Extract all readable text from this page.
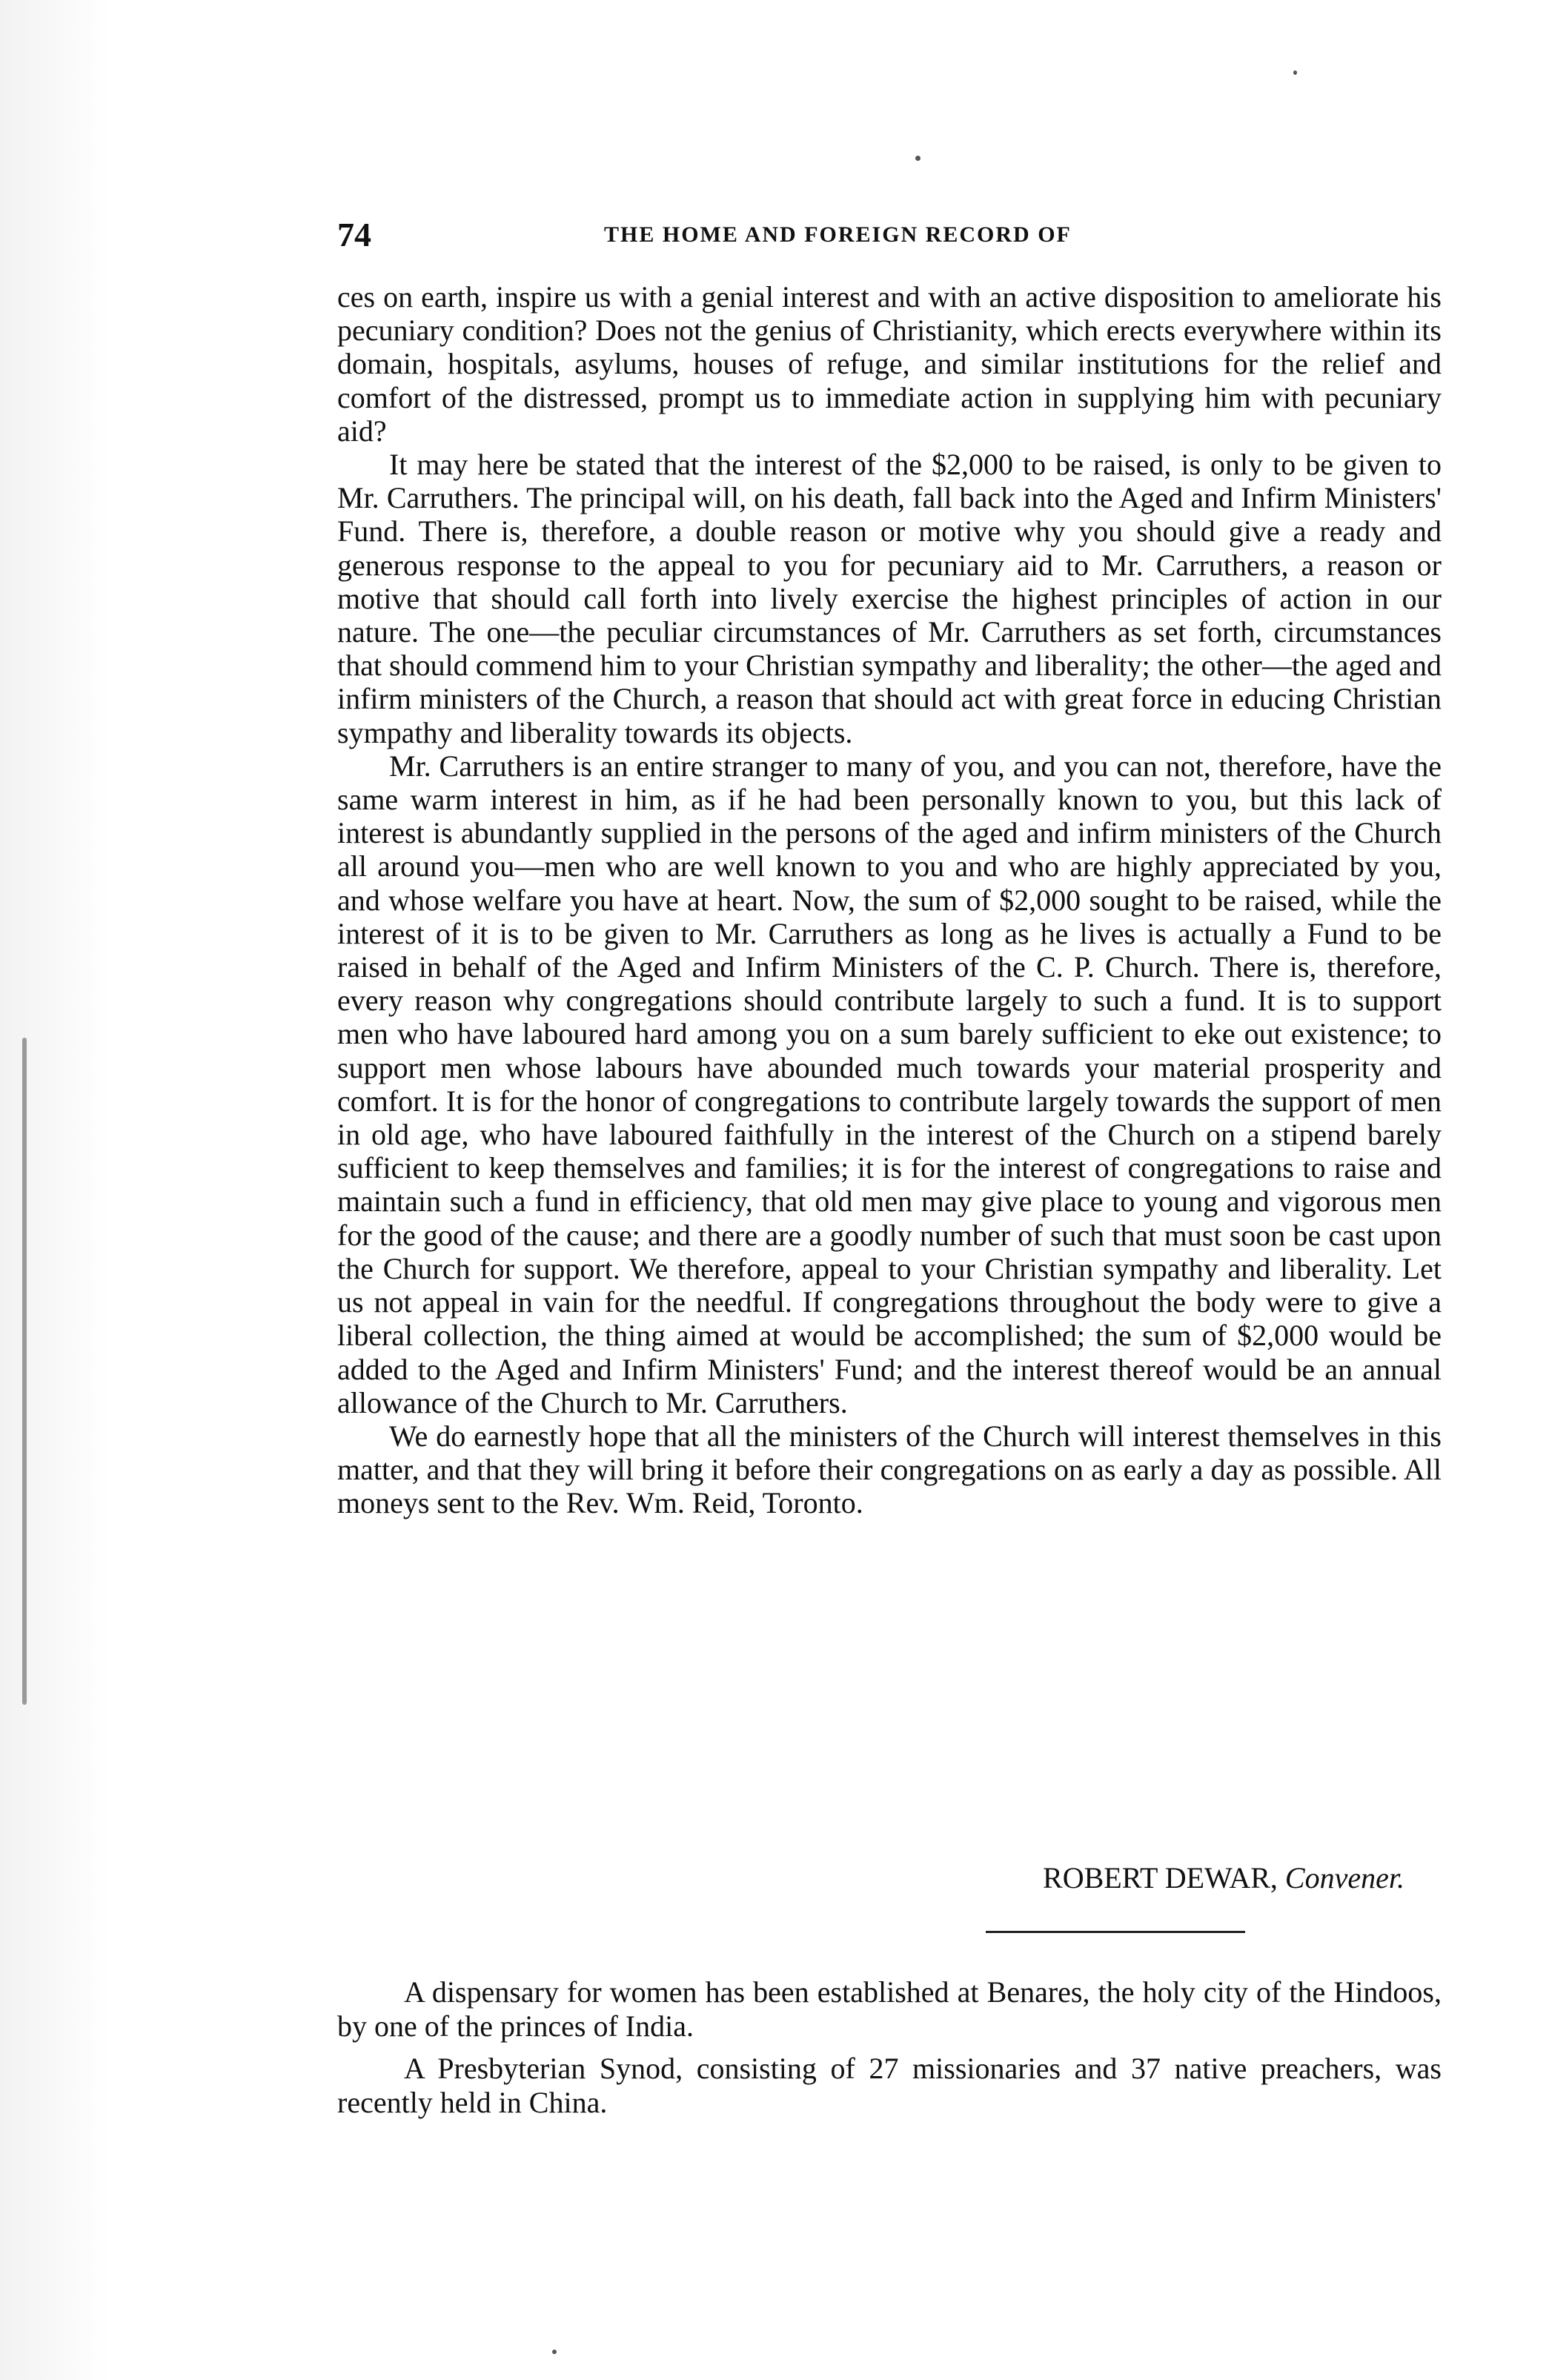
74	THE HOME AND FOREIGN RECORD OF

ces on earth, inspire us with a genial interest and with an active disposition to ameliorate his pecuniary condition? Does not the genius of Christianity, which erects everywhere within its domain, hospitals, asylums, houses of refuge, and similar institutions for the relief and comfort of the distressed, prompt us to immediate action in supplying him with pecuniary aid?

It may here be stated that the interest of the $2,000 to be raised, is only to be given to Mr. Carruthers. The principal will, on his death, fall back into the Aged and Infirm Ministers' Fund. There is, therefore, a double reason or motive why you should give a ready and generous response to the appeal to you for pecuniary aid to Mr. Carruthers, a reason or motive that should call forth into lively exercise the highest principles of action in our nature. The one—the peculiar circumstances of Mr. Carruthers as set forth, circumstances that should commend him to your Christian sympathy and liberality; the other—the aged and infirm ministers of the Church, a reason that should act with great force in educing Christian sympathy and liberality towards its objects.

Mr. Carruthers is an entire stranger to many of you, and you can not, therefore, have the same warm interest in him, as if he had been personally known to you, but this lack of interest is abundantly supplied in the persons of the aged and infirm ministers of the Church all around you—men who are well known to you and who are highly appreciated by you, and whose welfare you have at heart. Now, the sum of $2,000 sought to be raised, while the interest of it is to be given to Mr. Carruthers as long as he lives is actually a Fund to be raised in behalf of the Aged and Infirm Ministers of the C. P. Church. There is, therefore, every reason why congregations should contribute largely to such a fund. It is to support men who have laboured hard among you on a sum barely sufficient to eke out existence; to support men whose labours have abounded much towards your material prosperity and comfort. It is for the honor of congregations to contribute largely towards the support of men in old age, who have laboured faithfully in the interest of the Church on a stipend barely sufficient to keep themselves and families; it is for the interest of congregations to raise and maintain such a fund in efficiency, that old men may give place to young and vigorous men for the good of the cause; and there are a goodly number of such that must soon be cast upon the Church for support. We therefore, appeal to your Christian sympathy and liberality. Let us not appeal in vain for the needful. If congregations throughout the body were to give a liberal collection, the thing aimed at would be accomplished; the sum of $2,000 would be added to the Aged and Infirm Ministers' Fund; and the interest thereof would be an annual allowance of the Church to Mr. Carruthers.

We do earnestly hope that all the ministers of the Church will interest themselves in this matter, and that they will bring it before their congregations on as early a day as possible. All moneys sent to the Rev. Wm. Reid, Toronto.

ROBERT DEWAR, Convener.

A dispensary for women has been established at Benares, the holy city of the Hindoos, by one of the princes of India.

A Presbyterian Synod, consisting of 27 missionaries and 37 native preachers, was recently held in China.
